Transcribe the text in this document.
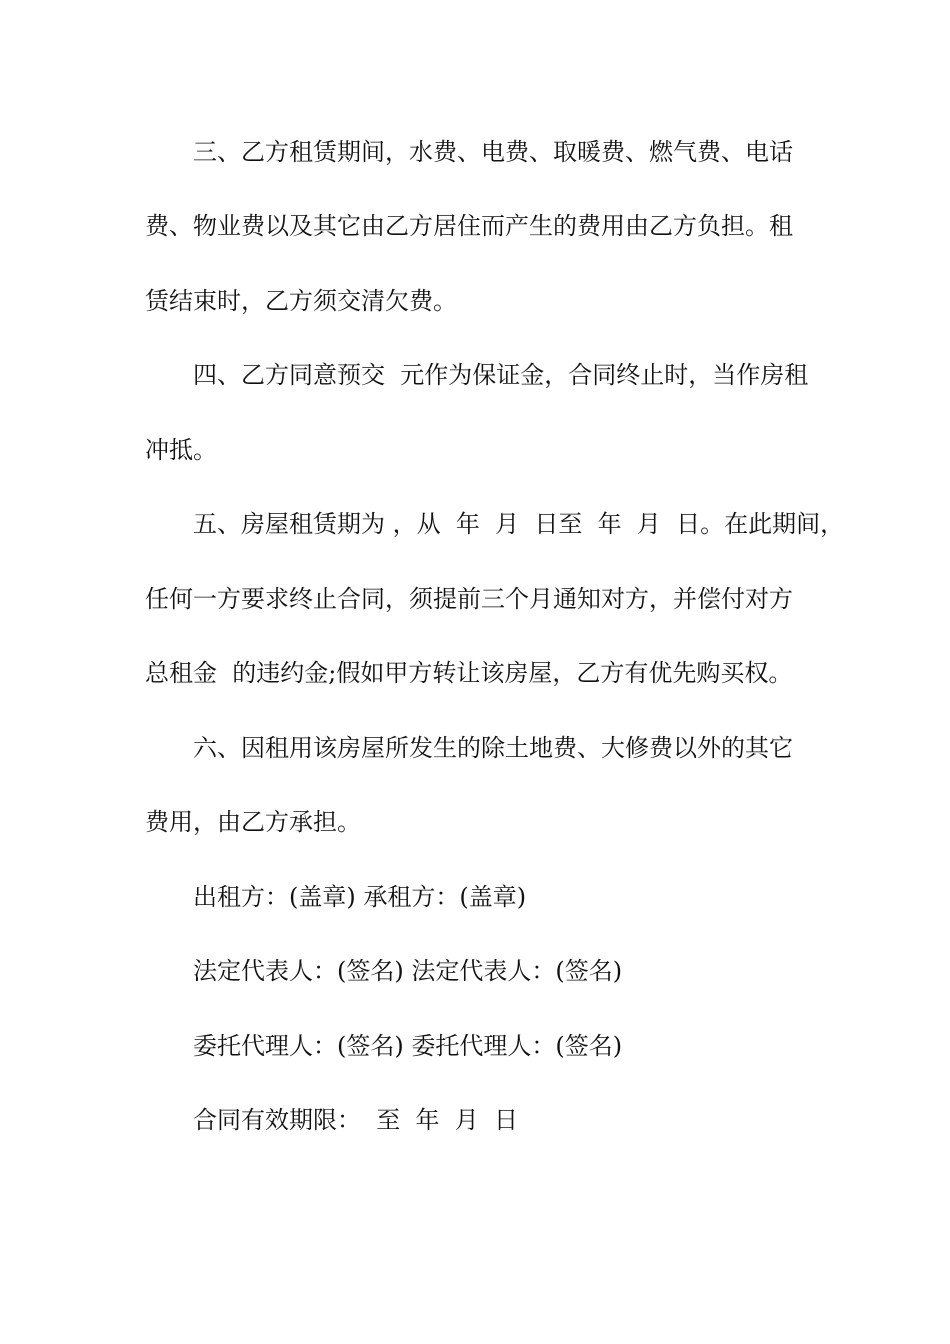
三、乙方租赁期间，水费、电费、取暖费、燃气费、电话
费、物业费以及其它由乙方居住而产生的费用由乙方负担。租
赁结束时，乙方须交清欠费。
四、乙方同意预交  元作为保证金，合同终止时，当作房租
冲抵。
五、房屋租赁期为 ，从  年  月  日至  年  月  日。在此期间，
任何一方要求终止合同，须提前三个月通知对方，并偿付对方
总租金  的违约金;假如甲方转让该房屋，乙方有优先购买权。
六、因租用该房屋所发生的除土地费、大修费以外的其它
费用，由乙方承担。
出租方：(盖章) 承租方：(盖章)
法定代表人：(签名) 法定代表人：(签名)
委托代理人：(签名) 委托代理人：(签名)
合同有效期限：  至  年  月  日
